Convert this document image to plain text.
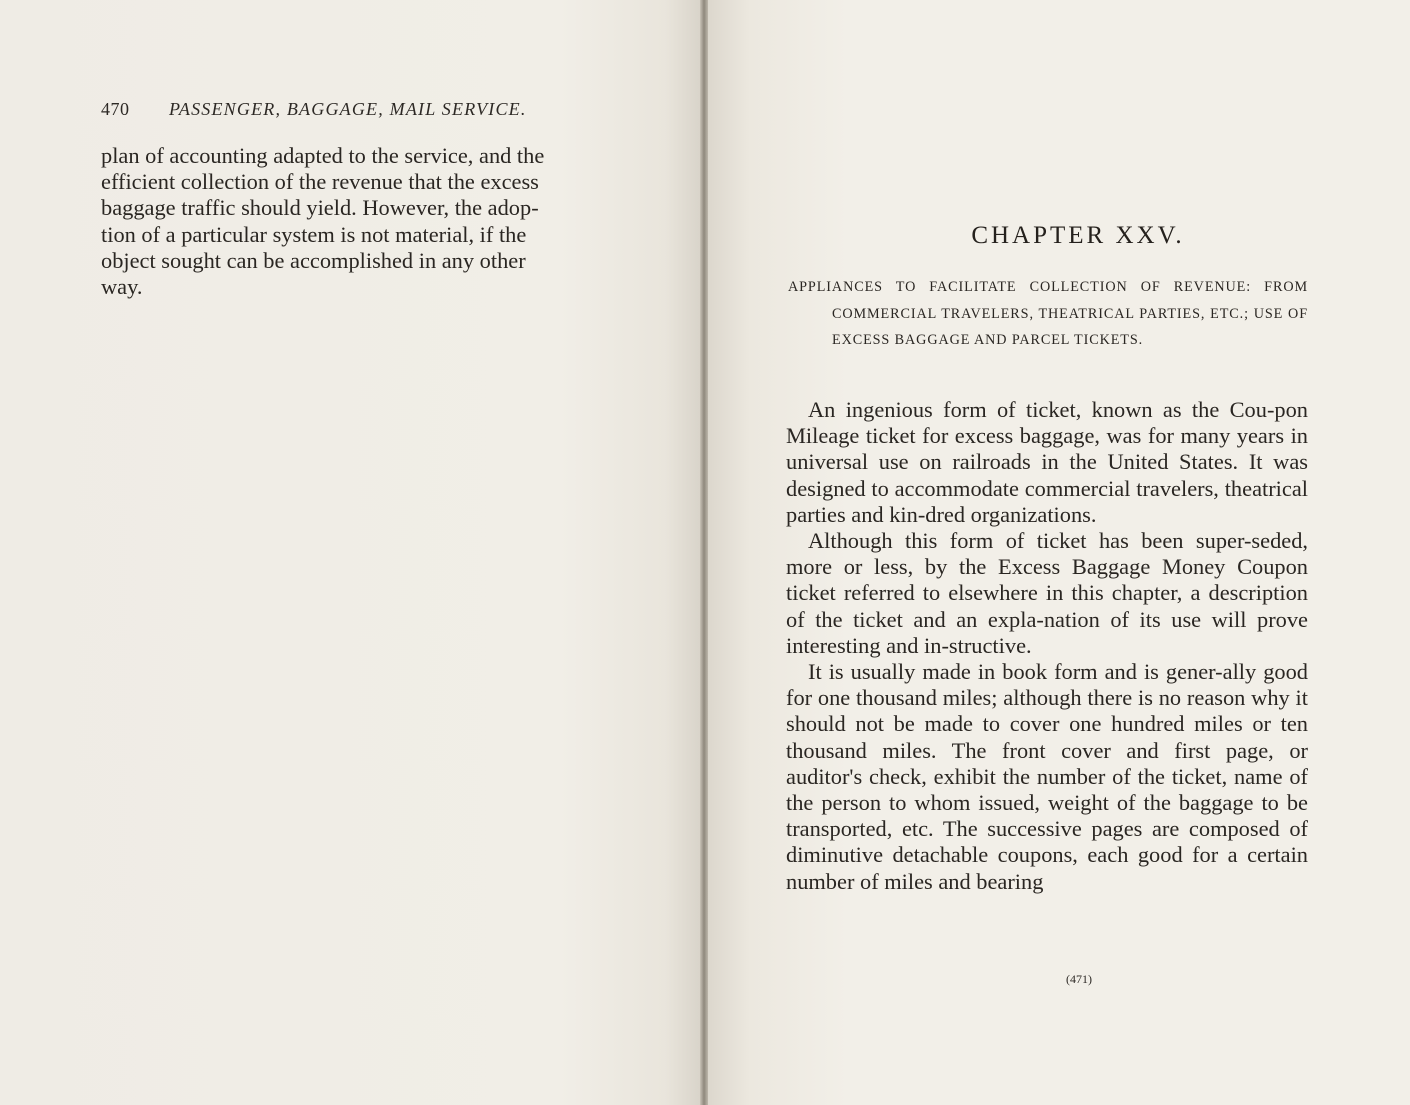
470 PASSENGER, BAGGAGE, MAIL SERVICE.
plan of accounting adapted to the service, and the
efficient collection of the revenue that the excess
baggage traffic should yield. However, the adop-
tion of a particular system is not material, if the
object sought can be accomplished in any other
way.
CHAPTER XXV.
APPLIANCES TO FACILITATE COLLECTION OF REVENUE: FROM COMMERCIAL TRAVELERS, THEATRICAL PARTIES, ETC.; USE OF EXCESS BAGGAGE AND PARCEL TICKETS.

An ingenious form of ticket, known as the Cou-pon Mileage ticket for excess baggage, was for many years in universal use on railroads in the United States. It was designed to accommodate commercial travelers, theatrical parties and kin-dred organizations.

Although this form of ticket has been super-seded, more or less, by the Excess Baggage Money Coupon ticket referred to elsewhere in this chapter, a description of the ticket and an expla-nation of its use will prove interesting and in-structive.

It is usually made in book form and is gener-ally good for one thousand miles; although there is no reason why it should not be made to cover one hundred miles or ten thousand miles. The front cover and first page, or auditor's check, exhibit the number of the ticket, name of the person to whom issued, weight of the baggage to be transported, etc. The successive pages are composed of diminutive detachable coupons, each good for a certain number of miles and bearing

(471)
